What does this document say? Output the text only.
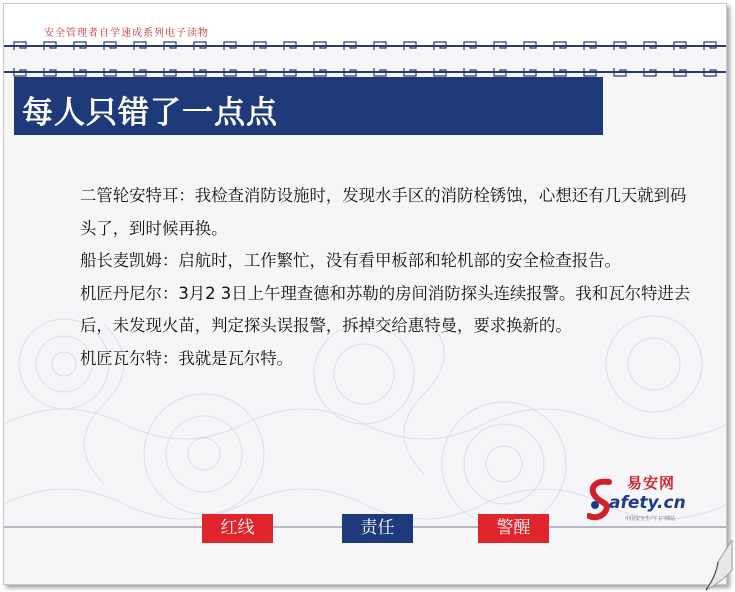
安全管理者自学速成系列电子读物
每人只错了一点点

二管轮安特耳：我检查消防设施时，发现水手区的消防栓锈蚀，心想还有几天就到码头了，到时候再换。

船长麦凯姆：启航时，工作繁忙，没有看甲板部和轮机部的安全检查报告。

机匠丹尼尔：3月2 3日上午理查德和苏勒的房间消防探头连续报警。我和瓦尔特进去后，未发现火苗，判定探头误报警，拆掉交给惠特曼，要求换新的。

机匠瓦尔特：我就是瓦尔特。

易安网
afety.cn
中国安全生产门户网站
红线	责任	警醒
